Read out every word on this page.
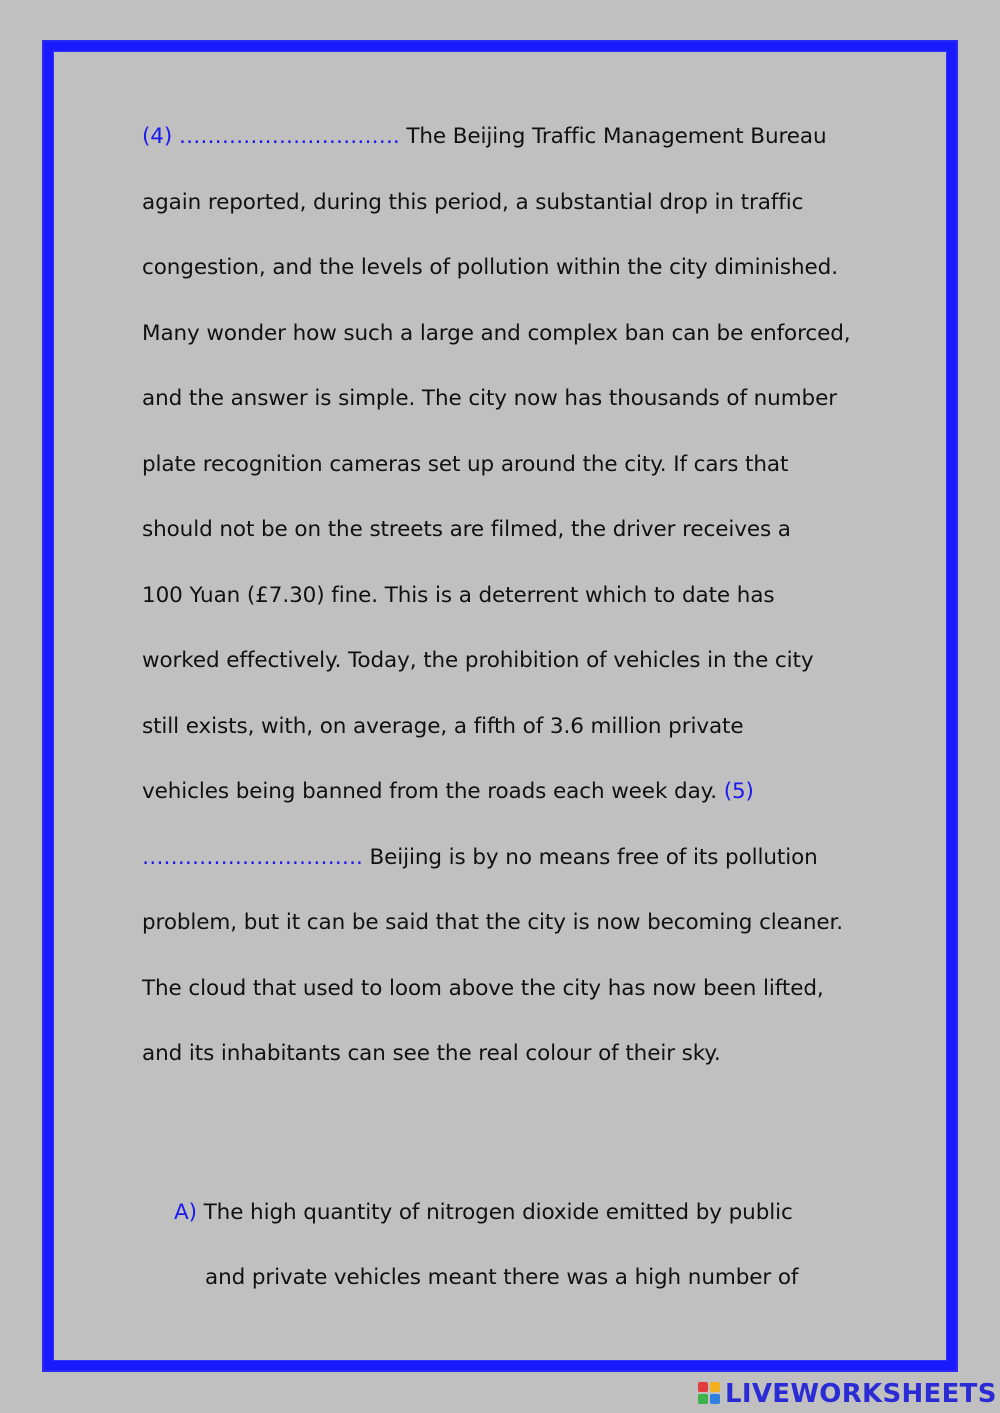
(4) …………………………. The Beijing Traffic Management Bureau
again reported, during this period, a substantial drop in traffic
congestion, and the levels of pollution within the city diminished.
Many wonder how such a large and complex ban can be enforced,
and the answer is simple. The city now has thousands of number
plate recognition cameras set up around the city. If cars that
should not be on the streets are filmed, the driver receives a
100 Yuan (£7.30) fine. This is a deterrent which to date has
worked effectively. Today, the prohibition of vehicles in the city
still exists, with, on average, a fifth of 3.6 million private
vehicles being banned from the roads each week day. (5)
…………………………. Beijing is by no means free of its pollution
problem, but it can be said that the city is now becoming cleaner.
The cloud that used to loom above the city has now been lifted,
and its inhabitants can see the real colour of their sky.
A) The high quantity of nitrogen dioxide emitted by public
and private vehicles meant there was a high number of
LIVEWORKSHEETS
